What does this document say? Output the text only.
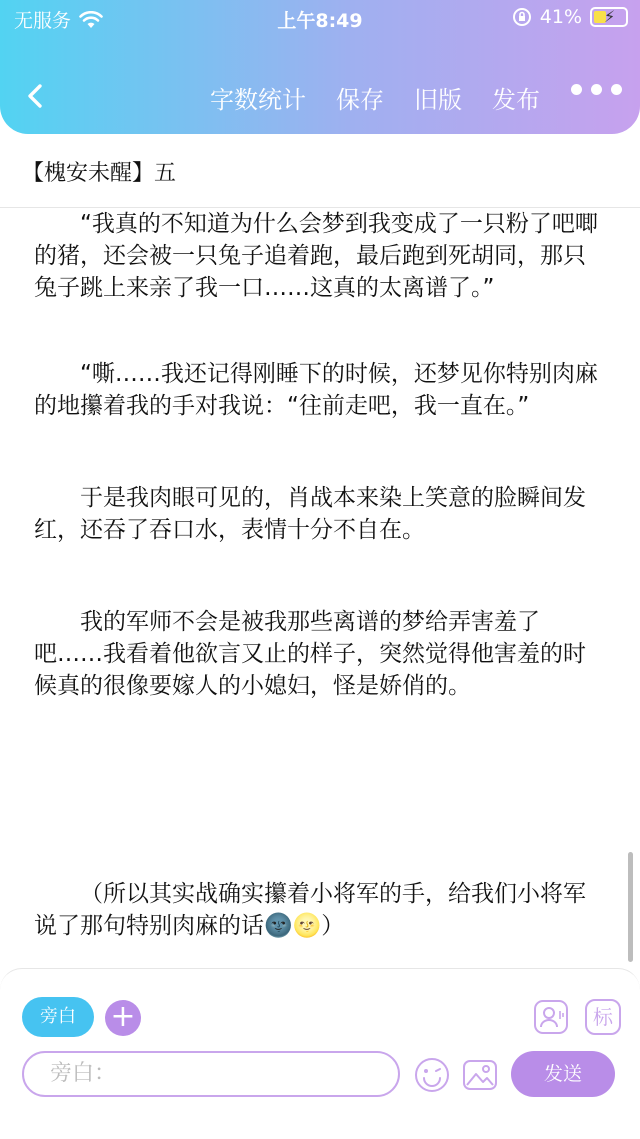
无服务	上午8:49	41% ⚡
字数统计 保存 旧版 发布
【槐安未醒】五

“我真的不知道为什么会梦到我变成了一只粉了吧唧的猪，还会被一只兔子追着跑，最后跑到死胡同，那只兔子跳上来亲了我一口……这真的太离谱了。”

“嘶……我还记得刚睡下的时候，还梦见你特别肉麻的地攥着我的手对我说：“往前走吧，我一直在。”

于是我肉眼可见的，肖战本来染上笑意的脸瞬间发红，还吞了吞口水，表情十分不自在。

我的军师不会是被我那些离谱的梦给弄害羞了吧……我看着他欲言又止的样子，突然觉得他害羞的时候真的很像要嫁人的小媳妇，怪是娇俏的。

（所以其实战确实攥着小将军的手，给我们小将军说了那句特别肉麻的话🌚🌝）

旁白	+	标
旁白：	发送
